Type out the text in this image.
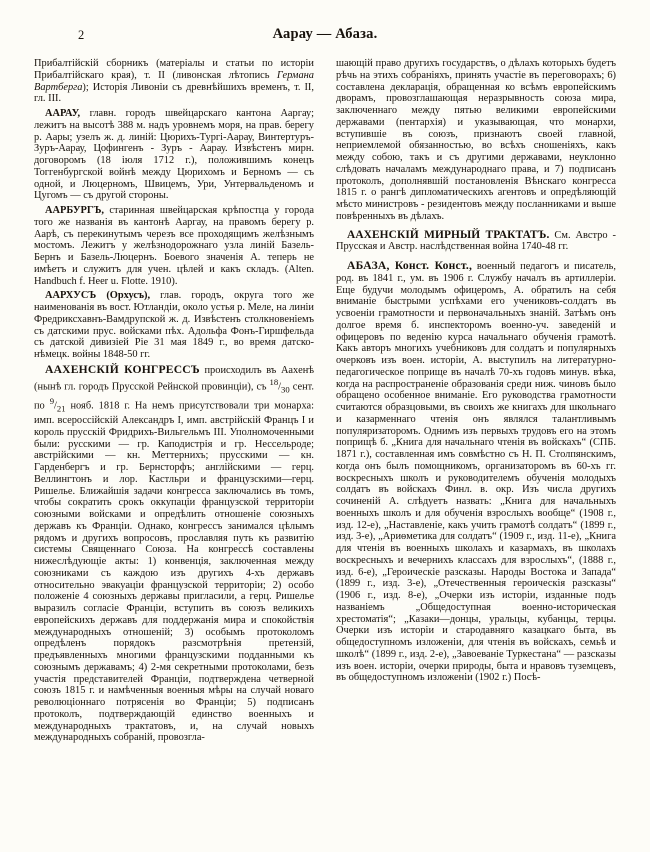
2	Аарау — Абаза.

Прибалтійскій сборникъ (матеріалы и статьи по исторіи Прибалтійскаго края), т. II (ливонская лѣтопись Германа Вартберга); Исторія Ливоніи съ древнѣйшихъ временъ, т. II, гл. III.

ААРАУ, главн. городъ швейцарскаго кантона Ааргау; лежитъ на высотѣ 388 м. надъ уровнемъ моря, на прав. берегу р. Аары; узелъ ж. д. линій: Цюрихъ-Тургі-Аарау, Винтертуръ-Зуръ-Аарау, Цофингенъ - Зуръ - Аарау. Извѣстенъ мирн. договоромъ (18 іюля 1712 г.), положившимъ конецъ Тоггенбургской войнѣ между Цюрихомъ и Берномъ — съ одной, и Люцерномъ, Швицемъ, Ури, Унтервальденомъ и Цугомъ — съ другой стороны.

ААРБУРГЪ, старинная швейцарская крѣпостца у города того же названія въ кантонѣ Ааргау, на правомъ берегу р. Аарѣ, съ перекинутымъ черезъ все проходящимъ желѣзнымъ мостомъ. Лежитъ у желѣзнодорожнаго узла линій Базель-Бернъ и Базель-Люцернъ. Боевого значенія А. теперь не имѣетъ и служитъ для учен. цѣлей и какъ складъ. (Alten. Handbuch f. Heer u. Flotte. 1910).

ААРХУСЪ (Орхусъ), глав. городъ, округа того же наименованія въ вост. Ютландіи, около устья р. Меле, на линіи Фредриксхавнъ-Вамдрупской ж. д. Извѣстенъ столкновеніемъ съ датскими прус. войсками пѣх. Адольфа Фонъ-Гиршфельда съ датской дивизіей Ріе 31 мая 1849 г., во время датско-нѣмецк. войны 1848-50 гг.

ААХЕНСКІЙ КОНГРЕССЪ происходилъ въ Ааxенѣ (нынѣ гл. городъ Прусской Рейнской провинціи), съ $^{18}/_{30}$ сент. по $^9/_{21}$ нояб. 1818 г. На немъ присутствовали три монарха: имп. всероссійскій Александръ I, имп. австрійскій Францъ I и король прусскій Фридрихъ-Вильгельмъ III. Уполномоченными были: русскими — гр. Каподистрія и гр. Нессельроде; австрійскими — кн. Меттернихъ; прусскими — кн. Гарденбергъ и гр. Бернсторфъ; англійскими — герц. Веллингтонъ и лор. Кастльри и французскими—герц. Ришелье. Ближайшія задачи конгресса заключались въ томъ, чтобы сократить срокъ оккупаціи французской территоріи союзными войсками и опредѣлить отношеніе союзныхъ державъ къ Франціи. Однако, конгрессъ занимался цѣлымъ рядомъ и другихъ вопросовъ, прославляя путь къ развитію системы Священнаго Союза. На конгрессѣ составлены нижеслѣдующіе акты: 1) конвенція, заключенная между союзниками съ каждою изъ другихъ 4-хъ державъ относительно эвакуаціи французской территоріи; 2) особо положеніе 4 союзныхъ державы пригласили, а герц. Ришелье выразилъ согласіе Франціи, вступить въ союзъ великихъ европейскихъ державъ для поддержанія мира и спокойствія международныхъ отношеній; 3) особымъ протоколомъ опредѣленъ порядокъ разсмотрѣнія претензій, предъявленныхъ многими французскими подданными къ союзнымъ державамъ; 4) 2-мя секретными протоколами, безъ участія представителей Франціи, подтверждена четверной союзъ 1815 г. и намѣченныя военныя мѣры на случай новаго революціоннаго потрясенія во Франціи; 5) подписанъ протоколъ, подтверждающій единство военныхъ и международныхъ трактатовъ, и, на случай новыхъ международныхъ собраній, провозгла-

шающій право другихъ государствъ, о дѣлахъ которыхъ будетъ рѣчь на этихъ собраніяхъ, принять участіе въ переговорахъ; 6) составлена декларація, обращенная ко всѣмъ европейскимъ дворамъ, провозглашающая неразрывность союза мира, заключеннаго между пятью великими европейскими державами (пентархія) и указывающая, что монархи, вступившіе въ союзъ, признаютъ своей главной, неприемлемой обязанностью, во всѣхъ сношеніяхъ, какъ между собою, такъ и съ другими державами, неуклонно слѣдовать началамъ международнаго права, и 7) подписанъ протоколъ, дополнявшій постановленія Вѣнскаго конгресса 1815 г. о рангѣ дипломатическихъ агентовъ и опредѣляющій мѣсто министровъ - резидентовъ между посланниками и выше повѣренныхъ въ дѣлахъ.

ААХЕНСКІЙ МИРНЫЙ ТРАКТАТЪ. См. Австро - Прусская и Австр. наслѣдственная война 1740-48 гг.

АБАЗА, Конст. Конст., военный педагогъ и писатель, род. въ 1841 г., ум. въ 1906 г. Службу началъ въ артиллеріи. Еще будучи молодымъ офицеромъ, А. обратилъ на себя вниманіе быстрыми успѣхами его учениковъ-солдатъ въ усвоеніи грамотности и первоначальныхъ знаній. Затѣмъ онъ долгое время б. инспекторомъ военно-уч. заведеній и офицеровъ по веденію курса начальнаго обученія грамотѣ. Какъ авторъ многихъ учебниковъ для солдатъ и популярныхъ очерковъ изъ воен. исторіи, А. выступилъ на литературно-педагогическое поприще въ началѣ 70-хъ годовъ минув. вѣка, когда на распространеніе образованія среди ниж. чиновъ было обращено особенное вниманіе. Его руководства грамотности считаются образцовыми, въ своихъ же книгахъ для школьнаго и казарменнаго чтенія онъ являлся талантливымъ популяризаторомъ. Однимъ изъ первыхъ трудовъ его на этомъ поприщѣ б. „Книга для начальнаго чтенія въ войскахъ“ (СПБ. 1871 г.), составленная имъ совмѣстно съ Н. П. Столпянскимъ, когда онъ былъ помощникомъ, организаторомъ въ 60-хъ гг. воскресныхъ школъ и руководителемъ обученія молодыхъ солдатъ въ войскахъ Финл. в. окр. Изъ числа другихъ сочиненій А. слѣдуетъ назвать: „Книга для начальныхъ военныхъ школъ и для обученія взрослыхъ вообще“ (1908 г., изд. 12-е), „Наставленіе, какъ учить грамотѣ солдатъ“ (1899 г., изд. 3-е), „Ариѳметика для солдатъ“ (1909 г., изд. 11-е), „Книга для чтенія въ военныхъ школахъ и казармахъ, въ школахъ воскресныхъ и вечернихъ классахъ для взрослыхъ“, (1888 г., изд. 6-е), „Героическіе разсказы. Народы Востока и Запада“ (1899 г., изд. 3-е), „Отечественныя героическія разсказы“ (1906 г., изд. 8-е), „Очерки изъ исторіи, изданные подъ названіемъ „Общедоступная военно-историческая хрестоматія“; „Казаки—донцы, уральцы, кубанцы, терцы. Очерки изъ исторіи и стародавняго казацкаго быта, въ общедоступномъ изложеніи, для чтенія въ войскахъ, семьѣ и школѣ“ (1899 г., изд. 2-е), „Завоеваніе Туркестана“ — разсказы изъ воен. исторіи, очерки природы, быта и нравовъ туземцевъ, въ общедоступномъ изложеніи (1902 г.) Посѣ-
